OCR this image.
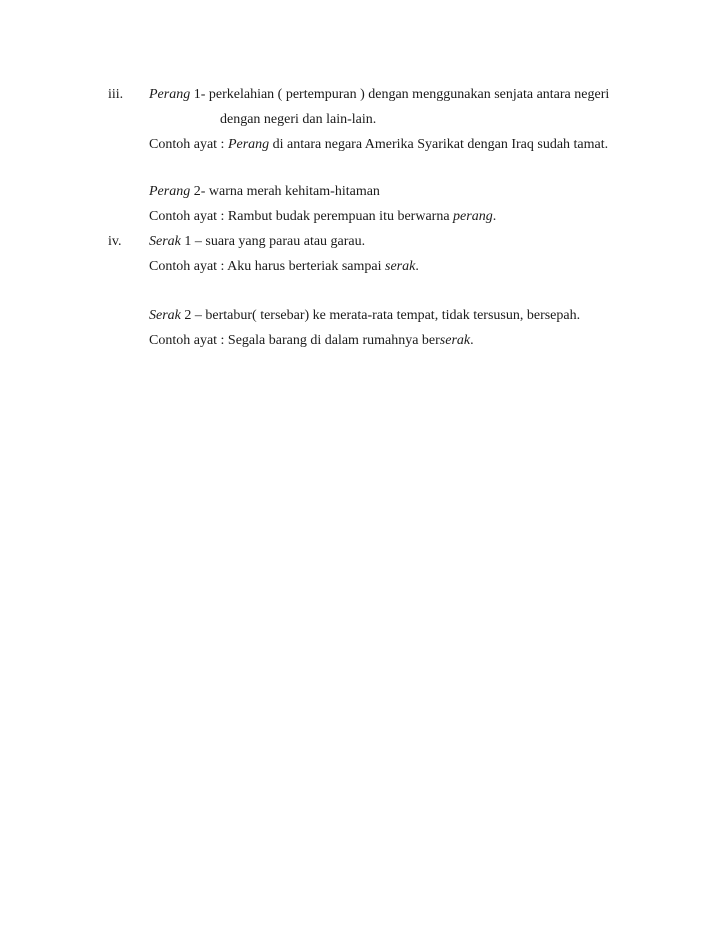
iii. Perang 1- perkelahian ( pertempuran ) dengan menggunakan senjata antara negeri
dengan negeri dan lain-lain.
Contoh ayat : Perang di antara negara Amerika Syarikat dengan Iraq sudah tamat.
Perang 2- warna merah kehitam-hitaman
Contoh ayat : Rambut budak perempuan itu berwarna perang.
iv. Serak 1 – suara yang parau atau garau.
Contoh ayat : Aku harus berteriak sampai serak.
Serak 2 – bertabur( tersebar) ke merata-rata tempat, tidak tersusun, bersepah.
Contoh ayat : Segala barang di dalam rumahnya berserak.
